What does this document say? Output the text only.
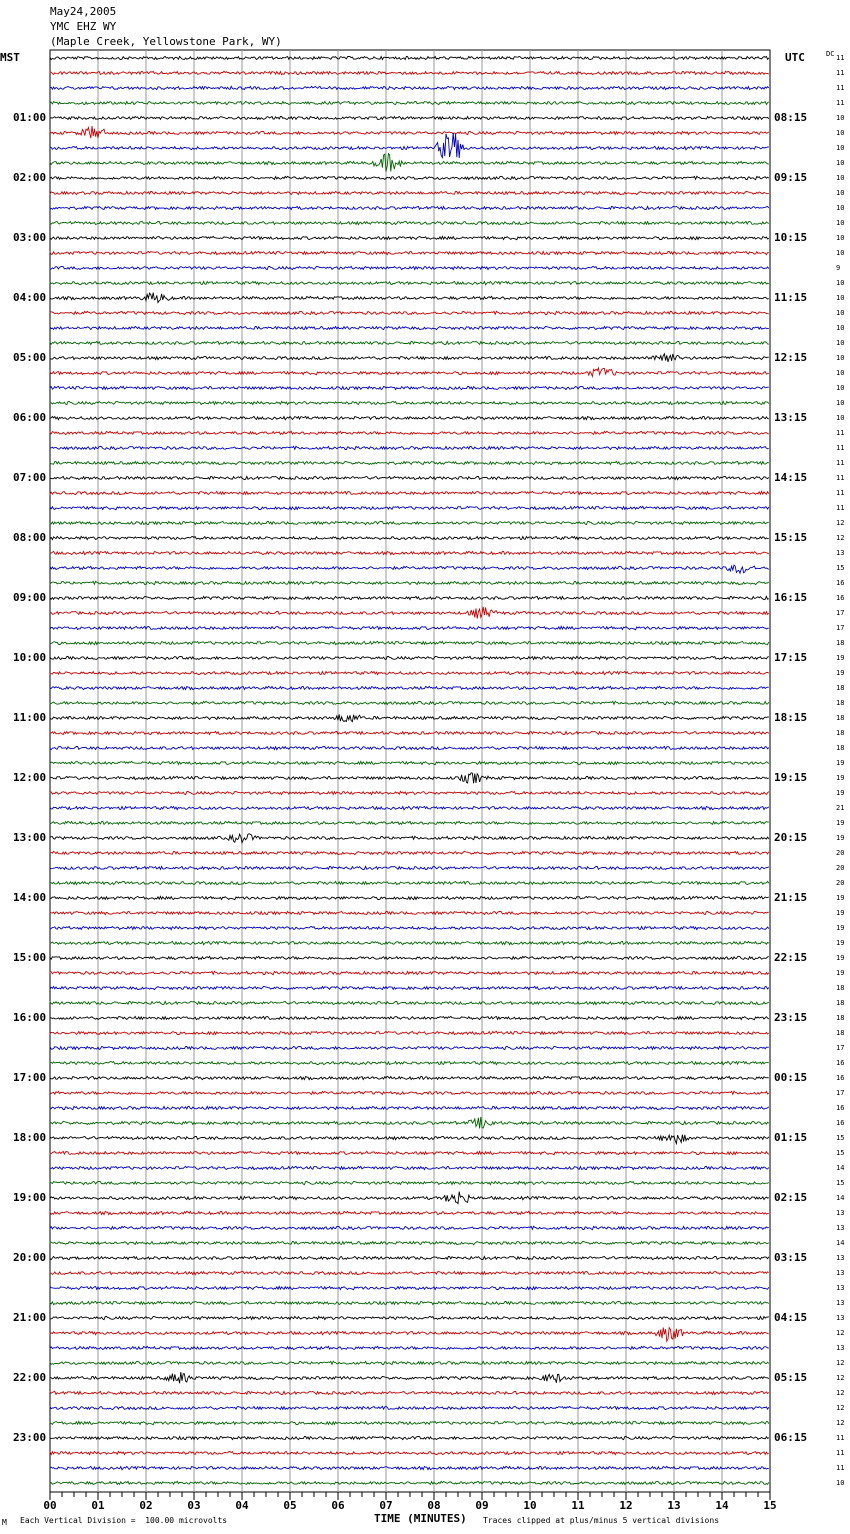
May24,2005
YMC EHZ WY
(Maple Creek, Yellowstone Park, WY)
MST	UTC	DC
00	01	02	03	04	05	06	07	08	09	10	11	12	13	14	15
01:00
02:00
03:00
04:00
05:00
06:00
07:00
08:00
09:00
10:00
11:00
12:00
13:00
14:00
15:00
16:00
17:00
18:00
19:00
20:00
21:00
22:00
23:00
08:15
09:15
10:15
11:15
12:15
13:15
14:15
15:15
16:15
17:15
18:15
19:15
20:15
21:15
22:15
23:15
00:15
01:15
02:15
03:15
04:15
05:15
06:15
11
11
11
11
10
10
10
10
10
10
10
10
10
10
9
10
10
10
10
10
10
10
10
10
10
11
11
11
11
11
11
12
12
13
15
16
16
17
17
18
19
19
18
18
18
18
18
19
19
19
21
19
19
20
20
20
19
19
19
19
19
19
18
18
18
18
17
16
16
17
16
16
15
15
14
15
14
13
13
14
13
13
13
13
13
12
13
12
12
12
12
12
11
11
11
10
TIME (MINUTES)
Each Vertical Division =  100.00 microvolts	Traces clipped at plus/minus 5 vertical divisions
M
